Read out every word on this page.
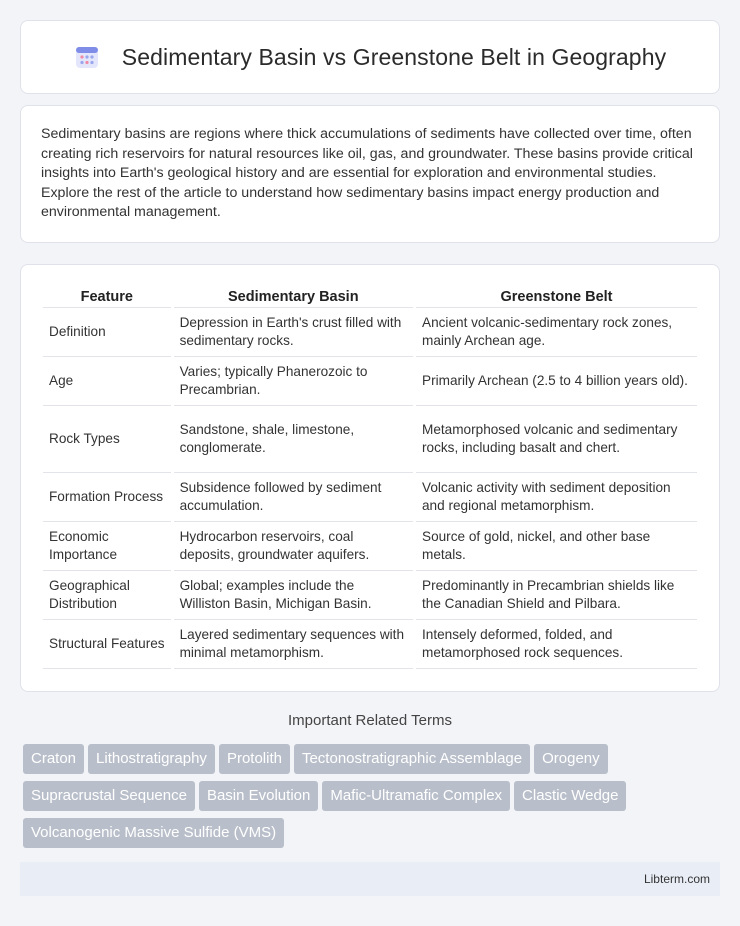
Sedimentary Basin vs Greenstone Belt in Geography

Sedimentary basins are regions where thick accumulations of sediments have collected over time, often creating rich reservoirs for natural resources like oil, gas, and groundwater. These basins provide critical insights into Earth's geological history and are essential for exploration and environmental studies. Explore the rest of the article to understand how sedimentary basins impact energy production and environmental management.

Feature	Sedimentary Basin	Greenstone Belt
Definition	Depression in Earth's crust filled with sedimentary rocks.	Ancient volcanic-sedimentary rock zones, mainly Archean age.
Age	Varies; typically Phanerozoic to Precambrian.	Primarily Archean (2.5 to 4 billion years old).
Rock Types	Sandstone, shale, limestone, conglomerate.	Metamorphosed volcanic and sedimentary rocks, including basalt and chert.
Formation Process	Subsidence followed by sediment accumulation.	Volcanic activity with sediment deposition and regional metamorphism.
Economic Importance	Hydrocarbon reservoirs, coal deposits, groundwater aquifers.	Source of gold, nickel, and other base metals.
Geographical Distribution	Global; examples include the Williston Basin, Michigan Basin.	Predominantly in Precambrian shields like the Canadian Shield and Pilbara.
Structural Features	Layered sedimentary sequences with minimal metamorphism.	Intensely deformed, folded, and metamorphosed rock sequences.
Important Related Terms
Craton Lithostratigraphy Protolith Tectonostratigraphic Assemblage Orogeny
Supracrustal Sequence Basin Evolution Mafic-Ultramafic Complex Clastic Wedge
Volcanogenic Massive Sulfide (VMS)
Libterm.com
